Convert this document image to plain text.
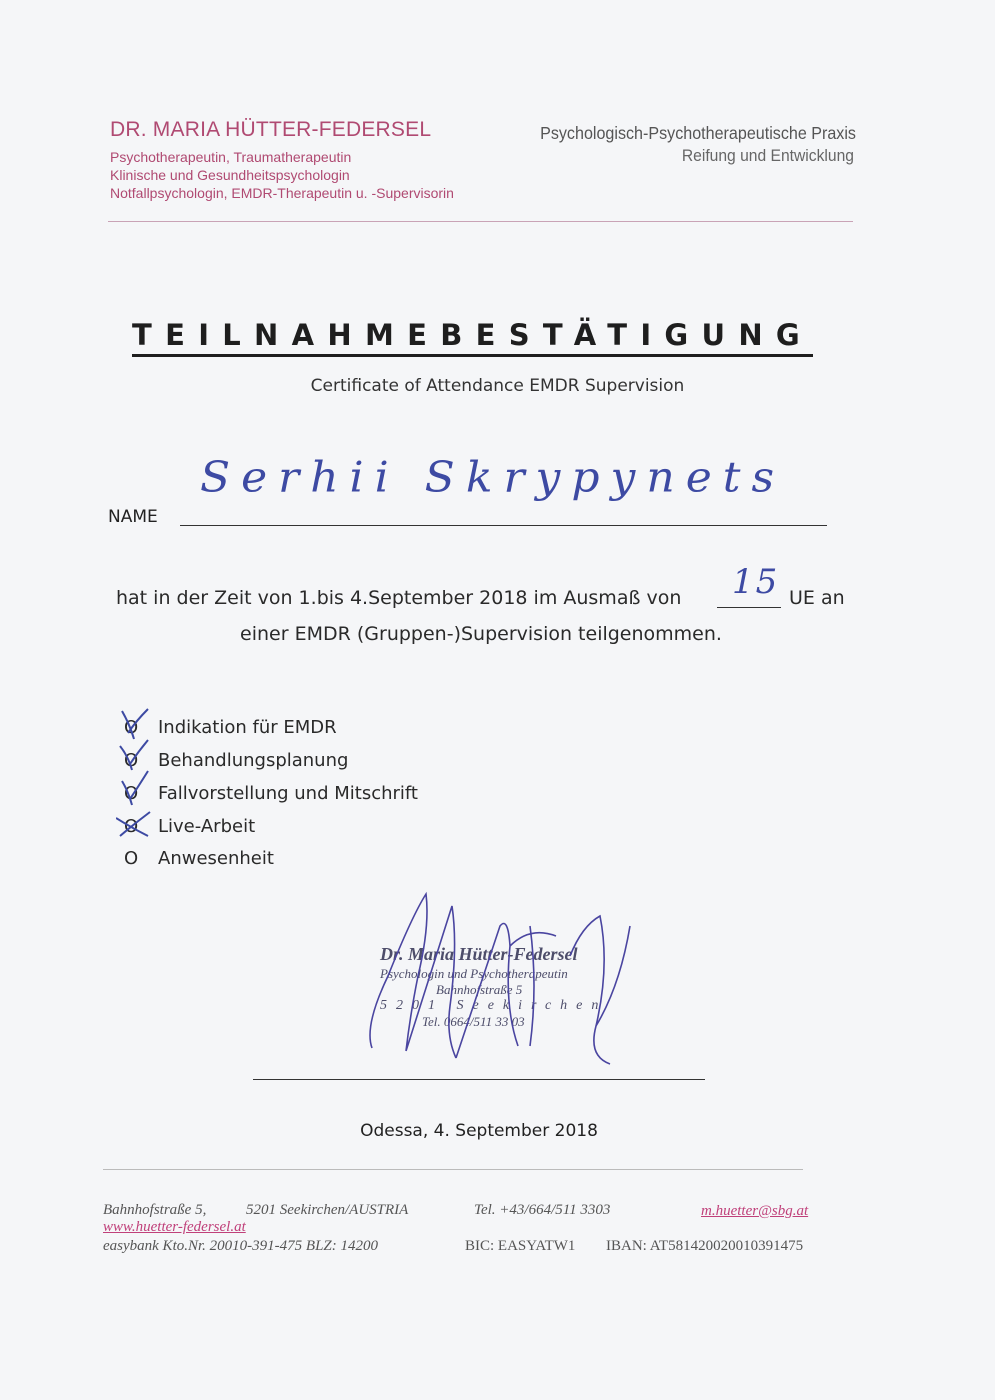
DR. MARIA HÜTTER-FEDERSEL
Psychotherapeutin, Traumatherapeutin
Klinische und Gesundheitspsychologin
Notfallpsychologin, EMDR-Therapeutin u. -Supervisorin
Psychologisch-Psychotherapeutische Praxis
Reifung und Entwicklung
TEILNAHMEBESTÄTIGUNG
Certificate of Attendance EMDR Supervision
NAME
Serhii Skrypynets
hat in der Zeit von 1.bis 4.September 2018 im Ausmaß von 15 UE an
einer EMDR (Gruppen-)Supervision teilgenommen.
O Indikation für EMDR
O Behandlungsplanung
O Fallvorstellung und Mitschrift
O Live-Arbeit
O Anwesenheit
Dr. Maria Hütter-Federsel
Psychologin und Psychotherapeutin
Bahnhofstraße 5
5201 Seekirchen
Tel. 0664/511 33 03
Odessa, 4. September 2018
Bahnhofstraße 5,	5201 Seekirchen/AUSTRIA	Tel. +43/664/511 3303	m.huetter@sbg.at
www.huetter-federsel.at
easybank Kto.Nr. 20010-391-475 BLZ: 14200	BIC: EASYATW1 IBAN: AT581420020010391475
